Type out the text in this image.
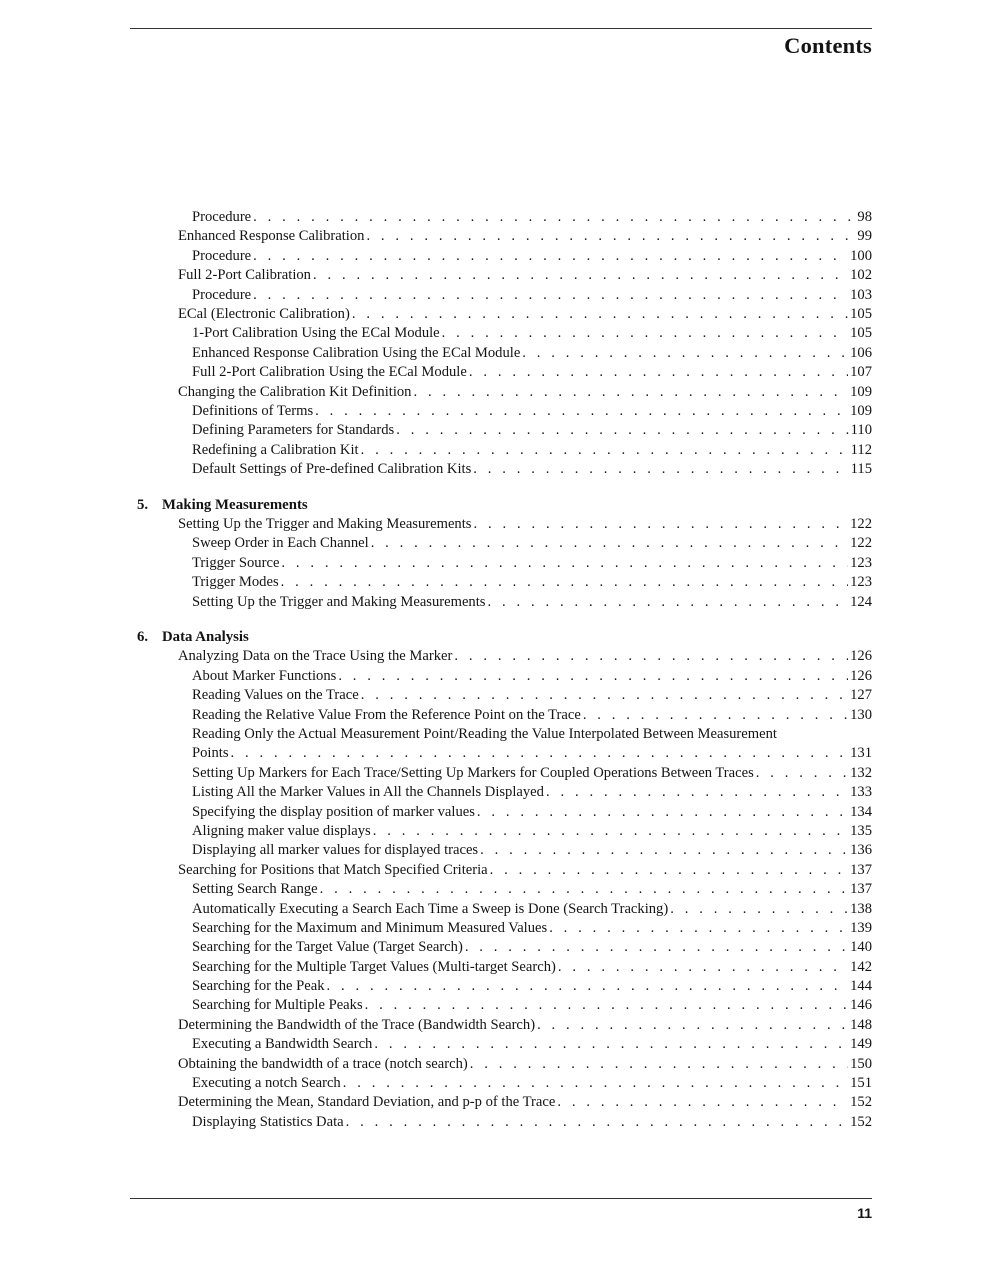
Contents
Procedure . . .	98
Enhanced Response Calibration . . .	99
Procedure . . .	100
Full 2-Port Calibration . . .	102
Procedure . . .	103
ECal (Electronic Calibration) . . .	105
1-Port Calibration Using the ECal Module . . .	105
Enhanced Response Calibration Using the ECal Module . . .	106
Full 2-Port Calibration Using the ECal Module . . .	107
Changing the Calibration Kit Definition . . .	109
Definitions of Terms . . .	109
Defining Parameters for Standards . . .	110
Redefining a Calibration Kit . . .	112
Default Settings of Pre-defined Calibration Kits . . .	115
5. Making Measurements
Setting Up the Trigger and Making Measurements . . .	122
Sweep Order in Each Channel . . .	122
Trigger Source . . .	123
Trigger Modes . . .	123
Setting Up the Trigger and Making Measurements . . .	124
6. Data Analysis
Analyzing Data on the Trace Using the Marker . . .	126
About Marker Functions . . .	126
Reading Values on the Trace . . .	127
Reading the Relative Value From the Reference Point on the Trace . . .	130
Reading Only the Actual Measurement Point/Reading the Value Interpolated Between Measurement
Points . . .	131
Setting Up Markers for Each Trace/Setting Up Markers for Coupled Operations Between Traces . . .	132
Listing All the Marker Values in All the Channels Displayed . . .	133
Specifying the display position of marker values . . .	134
Aligning maker value displays . . .	135
Displaying all marker values for displayed traces . . .	136
Searching for Positions that Match Specified Criteria . . .	137
Setting Search Range . . .	137
Automatically Executing a Search Each Time a Sweep is Done (Search Tracking) . . .	138
Searching for the Maximum and Minimum Measured Values . . .	139
Searching for the Target Value (Target Search) . . .	140
Searching for the Multiple Target Values (Multi-target Search) . . .	142
Searching for the Peak . . .	144
Searching for Multiple Peaks . . .	146
Determining the Bandwidth of the Trace (Bandwidth Search) . . .	148
Executing a Bandwidth Search . . .	149
Obtaining the bandwidth of a trace (notch search) . . .	150
Executing a notch Search . . .	151
Determining the Mean, Standard Deviation, and p-p of the Trace . . .	152
Displaying Statistics Data . . .	152
11
